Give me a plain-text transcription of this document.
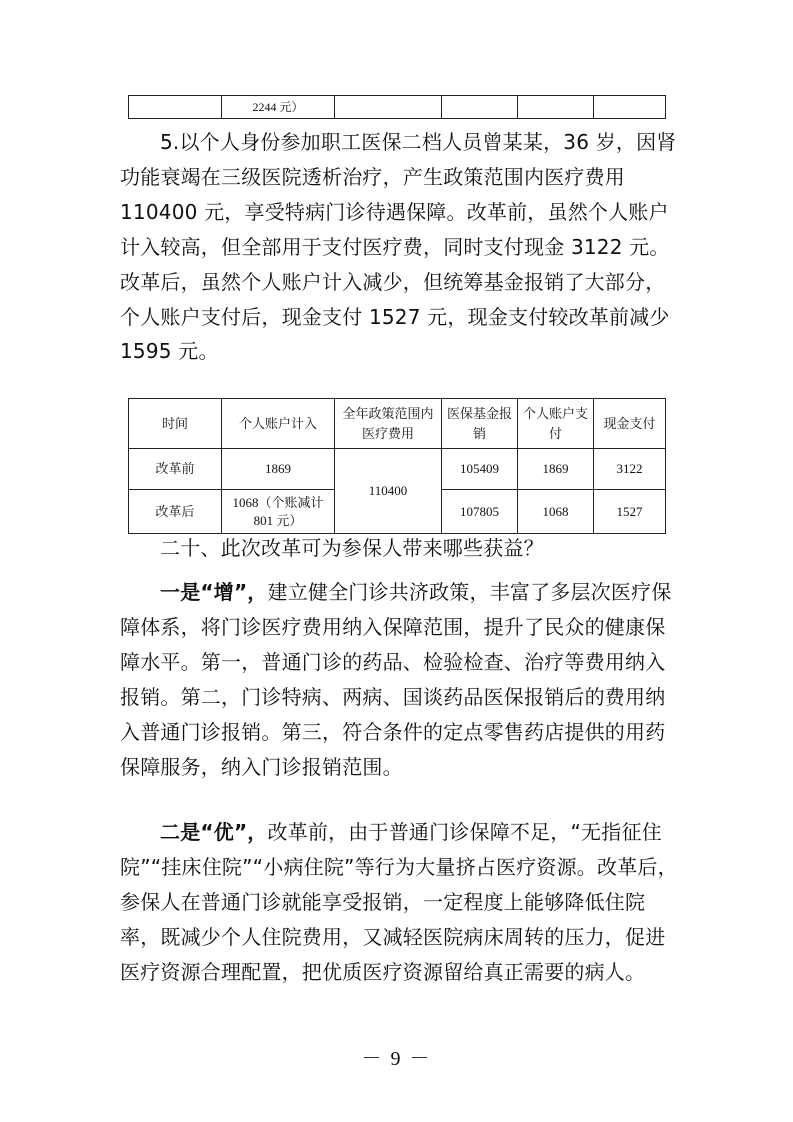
	2244 元）				

5.以个人身份参加职工医保二档人员曾某某，36 岁，因肾功能衰竭在三级医院透析治疗，产生政策范围内医疗费用 110400 元，享受特病门诊待遇保障。改革前，虽然个人账户计入较高，但全部用于支付医疗费，同时支付现金 3122 元。改革后，虽然个人账户计入减少，但统筹基金报销了大部分，个人账户支付后，现金支付 1527 元，现金支付较改革前减少 1595 元。

时间	个人账户计入	全年政策范围内医疗费用	医保基金报销	个人账户支付	现金支付
改革前	1869	110400	105409	1869	3122
改革后	1068（个账减计 801 元）		107805	1068	1527

二十、此次改革可为参保人带来哪些获益？

一是“增”，建立健全门诊共济政策，丰富了多层次医疗保障体系，将门诊医疗费用纳入保障范围，提升了民众的健康保障水平。第一，普通门诊的药品、检验检查、治疗等费用纳入报销。第二，门诊特病、两病、国谈药品医保报销后的费用纳入普通门诊报销。第三，符合条件的定点零售药店提供的用药保障服务，纳入门诊报销范围。

二是“优”，改革前，由于普通门诊保障不足，“无指征住院”“挂床住院”“小病住院”等行为大量挤占医疗资源。改革后，参保人在普通门诊就能享受报销，一定程度上能够降低住院率，既减少个人住院费用，又减轻医院病床周转的压力，促进医疗资源合理配置，把优质医疗资源留给真正需要的病人。

－ 9 －
